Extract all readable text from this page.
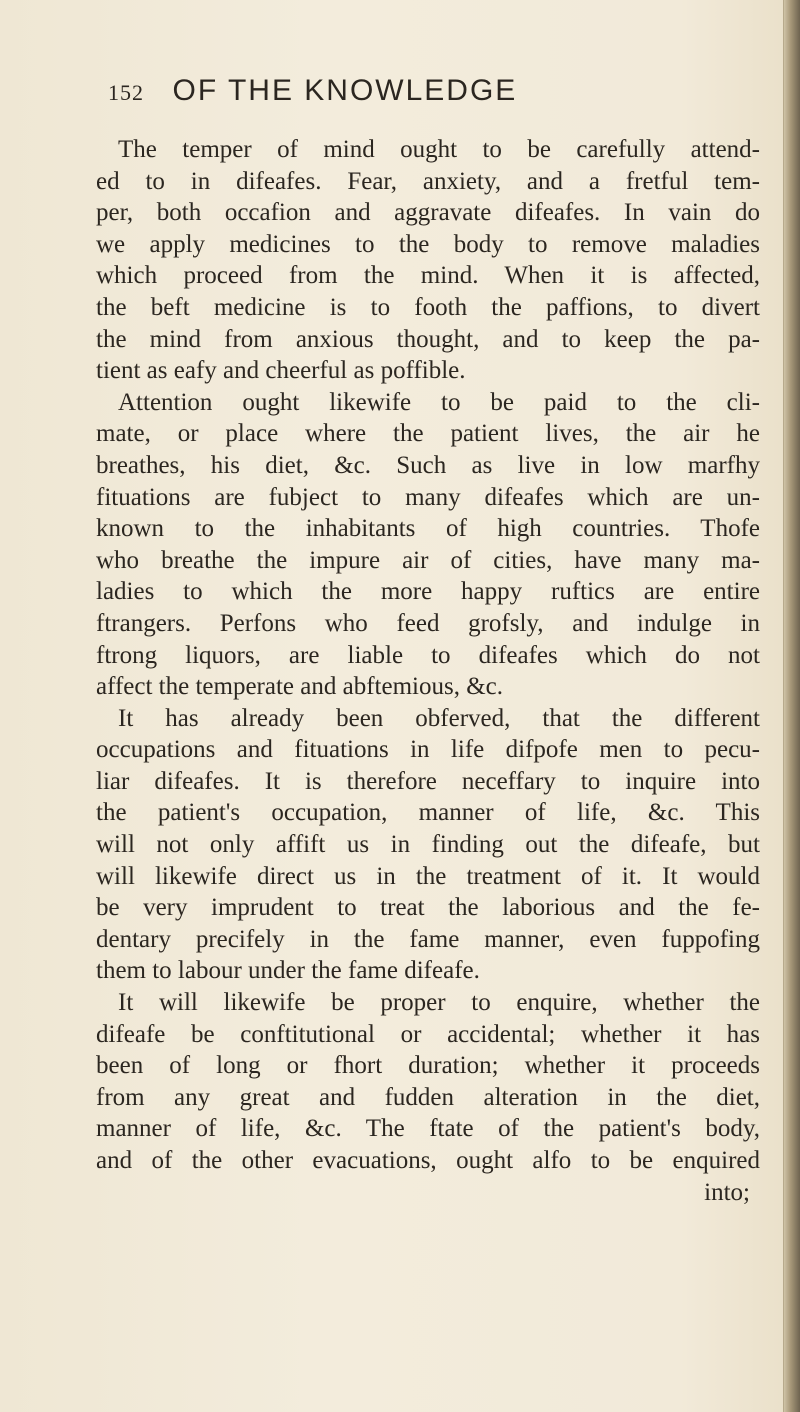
152 OF THE KNOWLEDGE
The temper of mind ought to be carefully attend-
ed to in difeafes. Fear, anxiety, and a fretful tem-
per, both occafion and aggravate difeafes. In vain do
we apply medicines to the body to remove maladies
which proceed from the mind. When it is affected,
the beft medicine is to footh the paffions, to divert
the mind from anxious thought, and to keep the pa-
tient as eafy and cheerful as poffible.
Attention ought likewife to be paid to the cli-
mate, or place where the patient lives, the air he
breathes, his diet, &c. Such as live in low marfhy
fituations are fubject to many difeafes which are un-
known to the inhabitants of high countries. Thofe
who breathe the impure air of cities, have many ma-
ladies to which the more happy ruftics are entire
ftrangers. Perfons who feed grofsly, and indulge in
ftrong liquors, are liable to difeafes which do not
affect the temperate and abftemious, &c.
It has already been obferved, that the different
occupations and fituations in life difpofe men to pecu-
liar difeafes. It is therefore neceffary to inquire into
the patient's occupation, manner of life, &c. This
will not only affift us in finding out the difeafe, but
will likewife direct us in the treatment of it. It would
be very imprudent to treat the laborious and the fe-
dentary precifely in the fame manner, even fuppofing
them to labour under the fame difeafe.
It will likewife be proper to enquire, whether the
difeafe be conftitutional or accidental; whether it has
been of long or fhort duration; whether it proceeds
from any great and fudden alteration in the diet,
manner of life, &c. The ftate of the patient's body,
and of the other evacuations, ought alfo to be enquired
into;
